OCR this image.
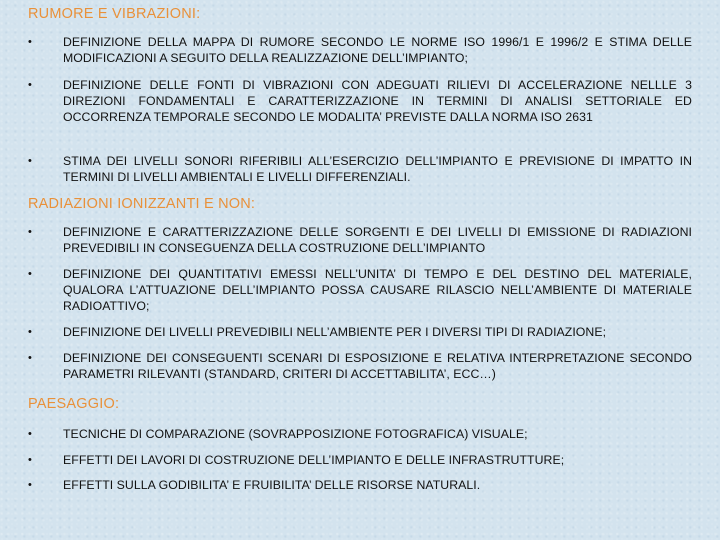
RUMORE E VIBRAZIONI:
•	DEFINIZIONE DELLA MAPPA DI RUMORE SECONDO LE NORME ISO 1996/1 E 1996/2 E STIMA DELLE MODIFICAZIONI A SEGUITO DELLA REALIZZAZIONE DELL’IMPIANTO;
•	DEFINIZIONE DELLE FONTI DI VIBRAZIONI CON ADEGUATI RILIEVI DI ACCELERAZIONE NELLLE 3 DIREZIONI FONDAMENTALI E CARATTERIZZAZIONE IN TERMINI DI ANALISI SETTORIALE ED OCCORRENZA TEMPORALE SECONDO LE MODALITA’ PREVISTE DALLA NORMA ISO 2631
•	STIMA DEI LIVELLI SONORI RIFERIBILI ALL’ESERCIZIO DELL’IMPIANTO E PREVISIONE DI IMPATTO IN TERMINI DI LIVELLI AMBIENTALI E LIVELLI DIFFERENZIALI.
RADIAZIONI IONIZZANTI E NON:
•	DEFINIZIONE E CARATTERIZZAZIONE DELLE SORGENTI E DEI LIVELLI DI EMISSIONE DI RADIAZIONI PREVEDIBILI IN CONSEGUENZA DELLA COSTRUZIONE DELL’IMPIANTO
•	DEFINIZIONE DEI QUANTITATIVI EMESSI NELL’UNITA’ DI TEMPO E DEL DESTINO DEL MATERIALE, QUALORA L’ATTUAZIONE DELL’IMPIANTO POSSA CAUSARE RILASCIO NELL’AMBIENTE DI MATERIALE RADIOATTIVO;
•	DEFINIZIONE DEI LIVELLI PREVEDIBILI NELL’AMBIENTE PER I DIVERSI TIPI DI RADIAZIONE;
•	DEFINIZIONE DEI CONSEGUENTI SCENARI DI ESPOSIZIONE E RELATIVA INTERPRETAZIONE SECONDO PARAMETRI RILEVANTI (STANDARD, CRITERI DI ACCETTABILITA’, ECC…)
PAESAGGIO:
•	TECNICHE DI COMPARAZIONE (SOVRAPPOSIZIONE FOTOGRAFICA) VISUALE;
•	EFFETTI DEI LAVORI DI COSTRUZIONE DELL’IMPIANTO E DELLE INFRASTRUTTURE;
•	EFFETTI SULLA GODIBILITA’ E FRUIBILITA’ DELLE RISORSE NATURALI.
